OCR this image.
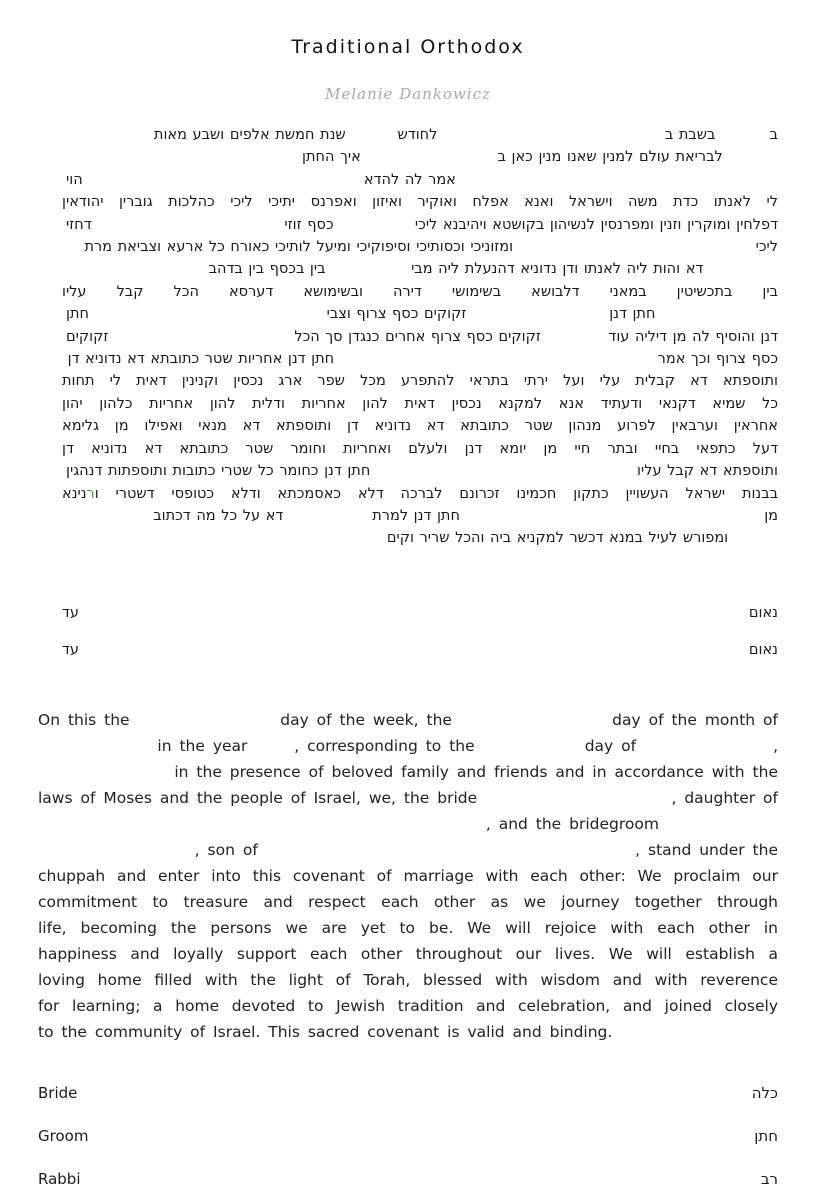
Traditional Orthodox
Melanie Dankowicz
ב
בשבת ב
לחודש
שנת חמשת אלפים ושבע מאות
לבריאת עולם למנין שאנו מנין כאן ב
איך החתן
אמר לה להדא
הוי
לי לאנתו כדת משה וישראל ואנא אפלח ואוקיר ואיזון ואפרנס יתיכי ליכי כהלכות גוברין יהודאין
דפלחין ומוקרין וזנין ומפרנסין לנשיהון בקושטא ויהיבנא ליכי
כסף זוזי
דחזי
ליכי
ומזוניכי וכסותיכי וסיפוקיכי ומיעל לותיכי כאורח כל ארעא וצביאת מרת
דא והות ליה לאנתו ודן נדוניא דהנעלת ליה מבי
בין בכסף בין בדהב
בין בתכשיטין במאני דלבושא בשימושי דירה ובשימושא דערסא הכל קבל עליו
חתן דנן
זקוקים כסף צרוף וצבי
חתן
דנן והוסיף לה מן דיליה עוד
זקוקים כסף צרוף אחרים כנגדן סך הכל
זקוקים
כסף צרוף וכך אמר
חתן דנן אחריות שטר כתובתא דא נדוניא דן
ותוספתא דא קבלית עלי ועל ירתי בתראי להתפרע מכל שפר ארג נכסין וקנינין דאית לי תחות
כל שמיא דקנאי ודעתיד אנא למקנא נכסין דאית להון אחריות ודלית להון אחריות כלהון יהון
אחראין וערבאין לפרוע מנהון שטר כתובתא דא נדוניא דן ותוספתא דא מנאי ואפילו מן גלימא
דעל כתפאי בחיי ובתר חיי מן יומא דנן ולעלם ואחריות וחומר שטר כתובתא דא נדוניא דן
ותוספתא דא קבל עליו
חתן דנן כחומר כל שטרי כתובות ותוספתות דנהגין
בבנות ישראל העשויין כתקון חכמינו זכרונם לברכה דלא כאסמכתא ודלא כטופסי דשטרי ורנינא
מן
חתן דנן למרת
דא על כל מה דכתוב
ומפורש לעיל במנא דכשר למקניא ביה והכל שריר וקים
נאום
עד
נאום
עד
On this the	day of the week, the	day of the month of
in the year	, corresponding to the	day of	,
in the presence of beloved family and friends and in accordance with the
laws of Moses and the people of Israel, we, the bride	, daughter of
, and the bridegroom
, son of	, stand under the
chuppah and enter into this covenant of marriage with each other: We proclaim our
commitment to treasure and respect each other as we journey together through
life, becoming the persons we are yet to be. We will rejoice with each other in
happiness and loyally support each other throughout our lives. We will establish a
loving home filled with the light of Torah, blessed with wisdom and with reverence
for learning; a home devoted to Jewish tradition and celebration, and joined closely
to the community of Israel. This sacred covenant is valid and binding.
Bride	כלה
Groom	חתן
Rabbi	רב
